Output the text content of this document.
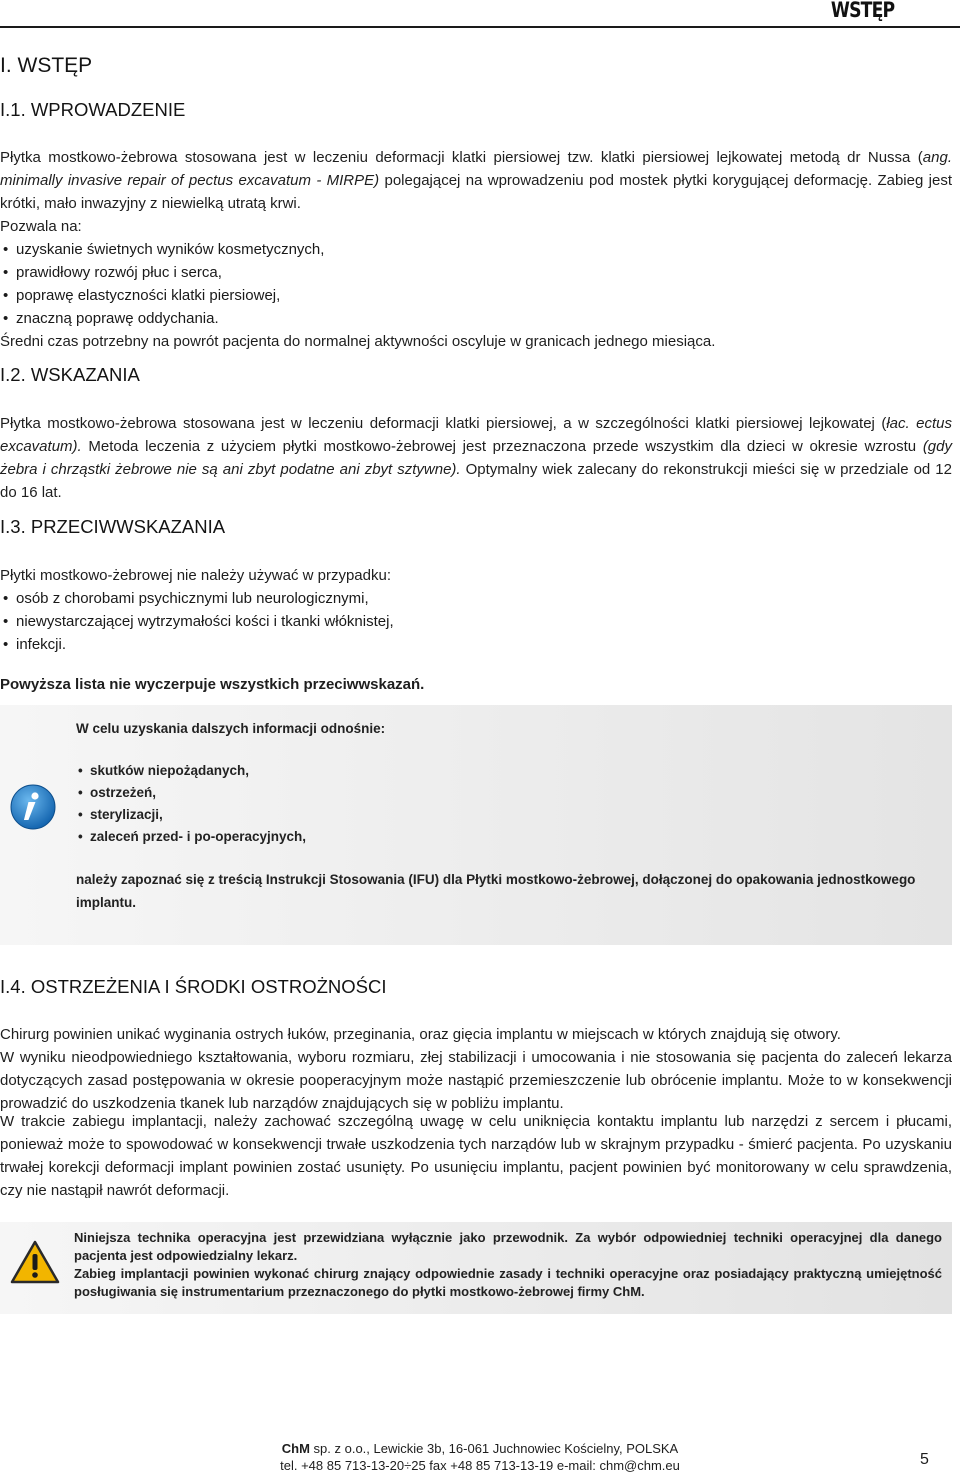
WSTĘP
I. WSTĘP
I.1. WPROWADZENIE

Płytka mostkowo-żebrowa stosowana jest w leczeniu deformacji klatki piersiowej tzw. klatki piersiowej lejkowatej metodą dr Nussa (ang. minimally invasive repair of pectus excavatum - MIRPE) polegającej na wprowadzeniu pod mostek płytki korygującej deformację. Zabieg jest krótki, mało inwazyjny z niewielką utratą krwi.

Pozwala na:

• uzyskanie świetnych wyników kosmetycznych,
• prawidłowy rozwój płuc i serca,
• poprawę elastyczności klatki piersiowej,
• znaczną poprawę oddychania.

Średni czas potrzebny na powrót pacjenta do normalnej aktywności oscyluje w granicach jednego miesiąca.

I.2. WSKAZANIA

Płytka mostkowo-żebrowa stosowana jest w leczeniu deformacji klatki piersiowej, a w szczególności klatki piersiowej lejkowatej (łac. ectus excavatum). Metoda leczenia z użyciem płytki mostkowo-żebrowej jest przeznaczona przede wszystkim dla dzieci w okresie wzrostu (gdy żebra i chrząstki żebrowe nie są ani zbyt podatne ani zbyt sztywne). Optymalny wiek zalecany do rekonstrukcji mieści się w przedziale od 12 do 16 lat.

I.3. PRZECIWWSKAZANIA

Płytki mostkowo-żebrowej nie należy używać w przypadku:

• osób z chorobami psychicznymi lub neurologicznymi,
• niewystarczającej wytrzymałości kości i tkanki włóknistej,
• infekcji.

Powyższa lista nie wyczerpuje wszystkich przeciwwskazań.

W celu uzyskania dalszych informacji odnośnie:
• skutków niepożądanych,
• ostrzeżeń,
• sterylizacji,
• zaleceń przed- i po-operacyjnych,
należy zapoznać się z treścią Instrukcji Stosowania (IFU) dla Płytki mostkowo-żebrowej, dołączonej do opakowania jednostkowego implantu.
I.4. OSTRZEŻENIA I ŚRODKI OSTROŻNOŚCI

Chirurg powinien unikać wyginania ostrych łuków, przeginania, oraz gięcia implantu w miejscach w których znajdują się otwory.

W wyniku nieodpowiedniego kształtowania, wyboru rozmiaru, złej stabilizacji i umocowania i nie stosowania się pacjenta do zaleceń lekarza dotyczących zasad postępowania w okresie pooperacyjnym może nastąpić przemieszczenie lub obrócenie implantu. Może to w konsekwencji prowadzić do uszkodzenia tkanek lub narządów znajdujących się w pobliżu implantu.

W trakcie zabiegu implantacji, należy zachować szczególną uwagę w celu uniknięcia kontaktu implantu lub narzędzi z sercem i płucami, ponieważ może to spowodować w konsekwencji trwałe uszkodzenia tych narządów lub w skrajnym przypadku - śmierć pacjenta. Po uzyskaniu trwałej korekcji deformacji implant powinien zostać usunięty. Po usunięciu implantu, pacjent powinien być monitorowany w celu sprawdzenia, czy nie nastąpił nawrót deformacji.

Niniejsza technika operacyjna jest przewidziana wyłącznie jako przewodnik. Za wybór odpowiedniej techniki operacyjnej dla danego pacjenta jest odpowiedzialny lekarz.
Zabieg implantacji powinien wykonać chirurg znający odpowiednie zasady i techniki operacyjne oraz posiadający praktyczną umiejętność posługiwania się instrumentarium przeznaczonego do płytki mostkowo-żebrowej firmy ChM.
ChM sp. z o.o., Lewickie 3b, 16-061 Juchnowiec Kościelny, POLSKA
tel. +48 85 713-13-20÷25 fax +48 85 713-13-19 e-mail: chm@chm.eu	5
